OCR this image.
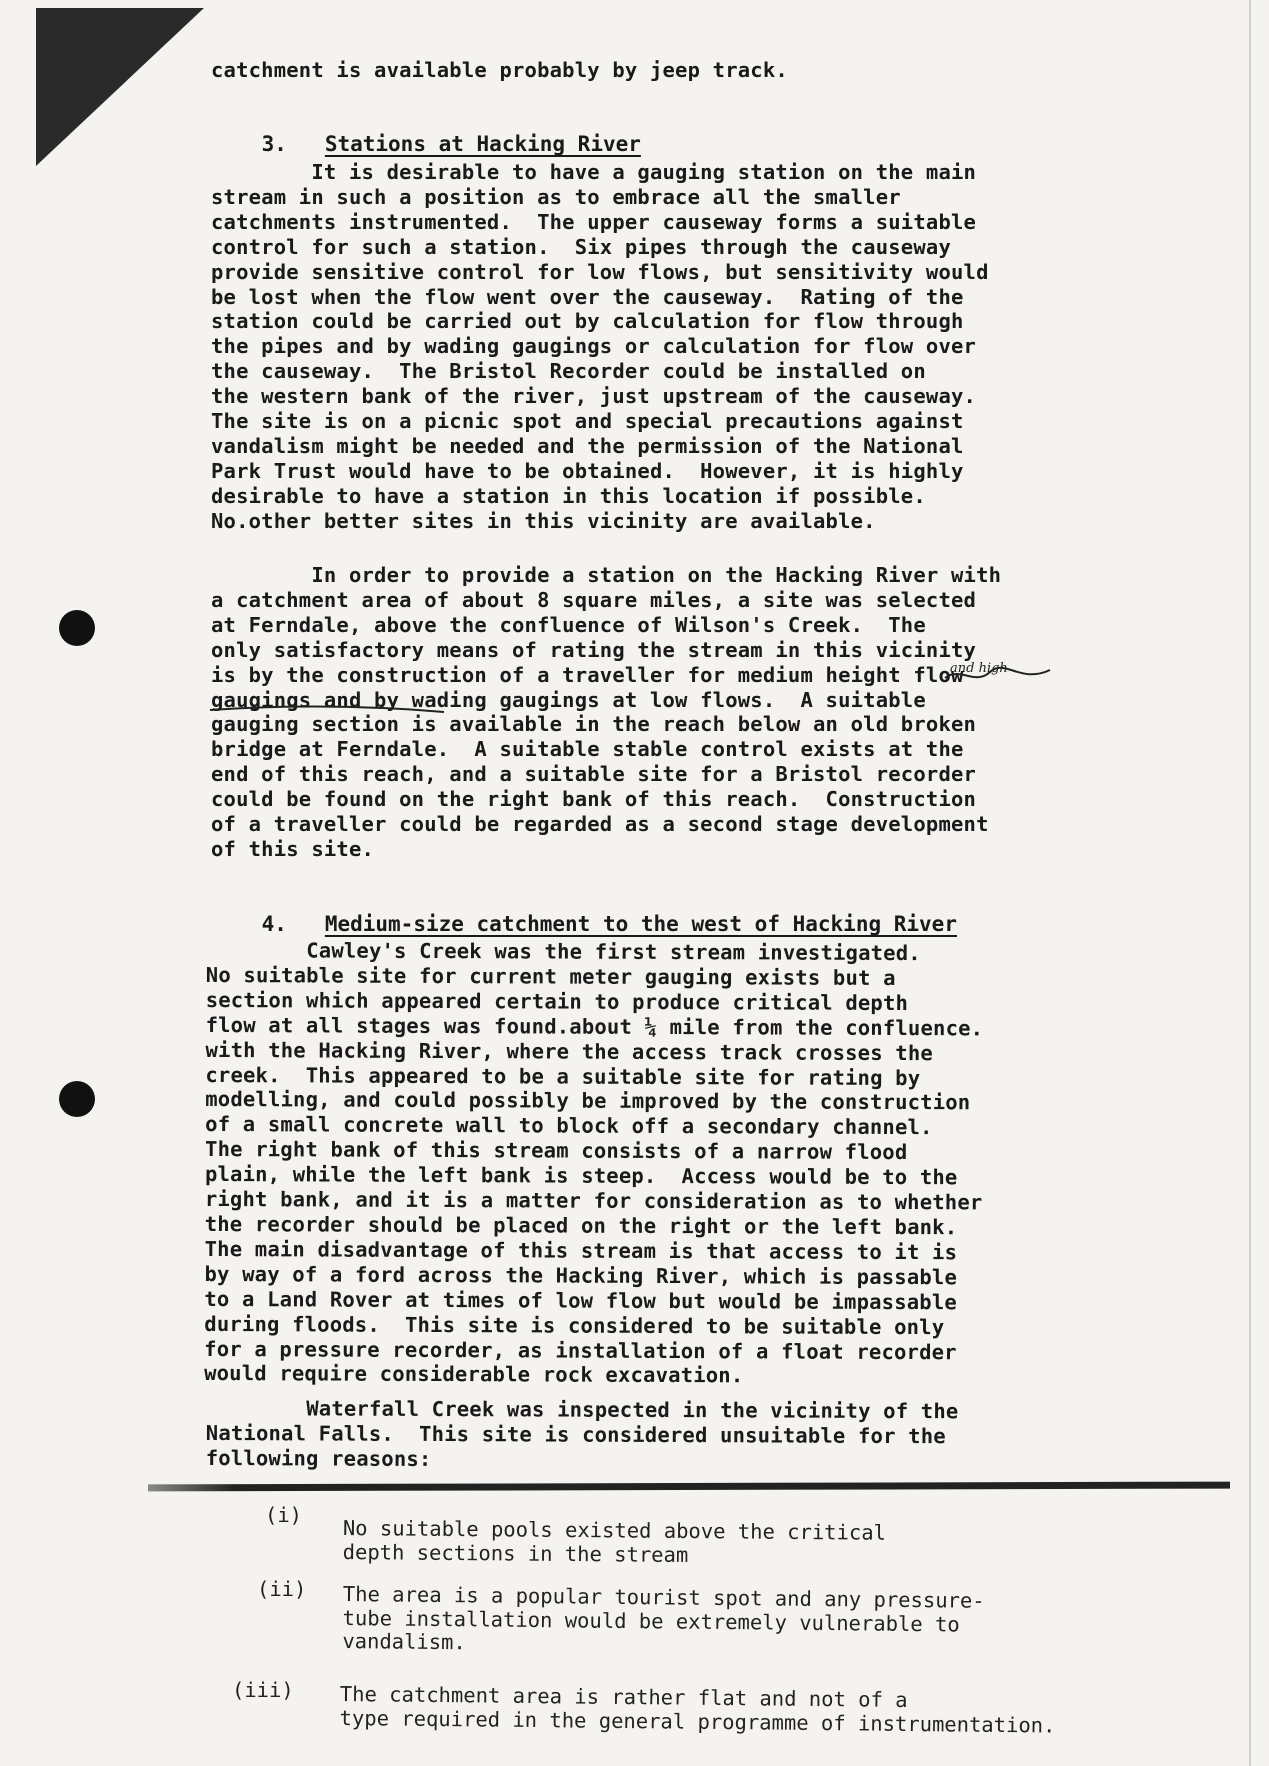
catchment is available probably by jeep track.

3. Stations at Hacking River

It is desirable to have a gauging station on the main
stream in such a position as to embrace all the smaller
catchments instrumented.  The upper causeway forms a suitable
control for such a station.  Six pipes through the causeway
provide sensitive control for low flows, but sensitivity would
be lost when the flow went over the causeway.  Rating of the
station could be carried out by calculation for flow through
the pipes and by wading gaugings or calculation for flow over
the causeway.  The Bristol Recorder could be installed on
the western bank of the river, just upstream of the causeway.
The site is on a picnic spot and special precautions against
vandalism might be needed and the permission of the National
Park Trust would have to be obtained.  However, it is highly
desirable to have a station in this location if possible.
No.other better sites in this vicinity are available.

In order to provide a station on the Hacking River with
a catchment area of about 8 square miles, a site was selected
at Ferndale, above the confluence of Wilson's Creek.  The
only satisfactory means of rating the stream in this vicinity
is by the construction of a traveller for medium height flow
gaugings and by wading gaugings at low flows.  A suitable
gauging section is available in the reach below an old broken
bridge at Ferndale.  A suitable stable control exists at the
end of this reach, and a suitable site for a Bristol recorder
could be found on the right bank of this reach.  Construction
of a traveller could be regarded as a second stage development
of this site.

and high

4. Medium-size catchment to the west of Hacking River

Cawley's Creek was the first stream investigated.
No suitable site for current meter gauging exists but a
section which appeared certain to produce critical depth
flow at all stages was found.about ¼ mile from the confluence.
with the Hacking River, where the access track crosses the
creek.  This appeared to be a suitable site for rating by
modelling, and could possibly be improved by the construction
of a small concrete wall to block off a secondary channel.
The right bank of this stream consists of a narrow flood
plain, while the left bank is steep.  Access would be to the
right bank, and it is a matter for consideration as to whether
the recorder should be placed on the right or the left bank.
The main disadvantage of this stream is that access to it is
by way of a ford across the Hacking River, which is passable
to a Land Rover at times of low flow but would be impassable
during floods.  This site is considered to be suitable only
for a pressure recorder, as installation of a float recorder
would require considerable rock excavation.

Waterfall Creek was inspected in the vicinity of the
National Falls.  This site is considered unsuitable for the
following reasons:

(i)

No suitable pools existed above the critical
depth sections in the stream

(ii) The area is a popular tourist spot and any pressure-
tube installation would be extremely vulnerable to
vandalism.

(iii) The catchment area is rather flat and not of a
type required in the general programme of instrumentation.
